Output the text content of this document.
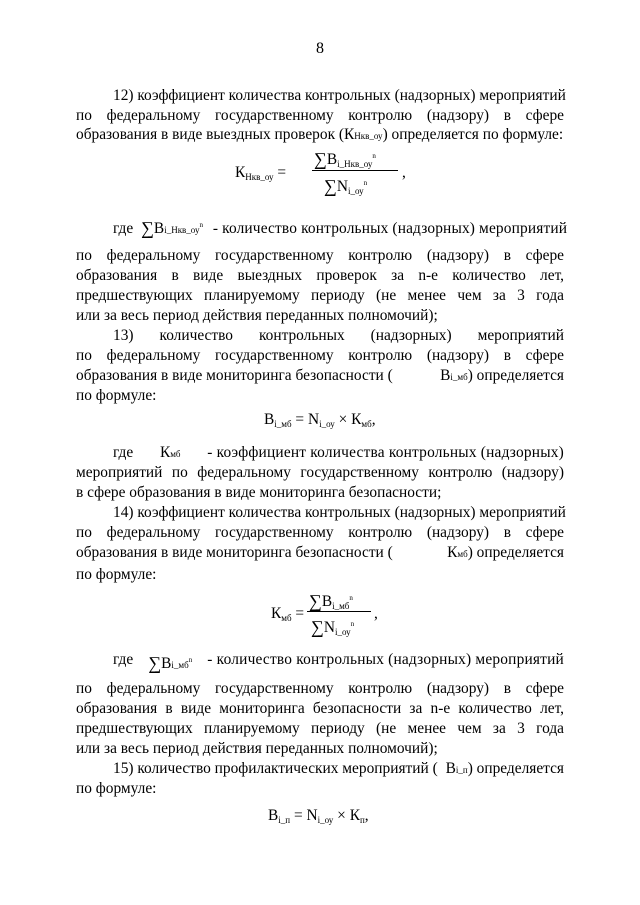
8
12) коэффициент количества контрольных (надзорных) мероприятий
по федеральному государственному контролю (надзору) в сфере
образования в виде выездных проверок (КНкв_оу) определяется по формуле:
КНкв_оу =
$\sum Вi\_Нкв\_оу^n$
$\sum Ni\_оу^n$
,
где $\sum Вi\_Нкв\_оу^n$ - количество контрольных (надзорных) мероприятий
по федеральному государственному контролю (надзору) в сфере
образования в виде выездных проверок за n-е количество лет,
предшествующих планируемому периоду (не менее чем за 3 года
или за весь период действия переданных полномочий);
13) количество контрольных (надзорных) мероприятий
по федеральному государственному контролю (надзору) в сфере
образования в виде мониторинга безопасности (	Вi_мб) определяется
по формуле:
Вi_мб = Ni_оу × Кмб,
где Кмб - коэффициент количества контрольных (надзорных)
мероприятий по федеральному государственному контролю (надзору)
в сфере образования в виде мониторинга безопасности;
14) коэффициент количества контрольных (надзорных) мероприятий
по федеральному государственному контролю (надзору) в сфере
образования в виде мониторинга безопасности (	Кмб) определяется
по формуле:
Кмб =
$\sum Вi\_мб^n$
$\sum Ni\_оу^n$
,
где $\sum Вi\_мб^n$ - количество контрольных (надзорных) мероприятий
по федеральному государственному контролю (надзору) в сфере
образования в виде мониторинга безопасности за n-е количество лет,
предшествующих планируемому периоду (не менее чем за 3 года
или за весь период действия переданных полномочий);
15) количество профилактических мероприятий ( Вi_п) определяется
по формуле:
Вi_п = Ni_оу × Кп,
